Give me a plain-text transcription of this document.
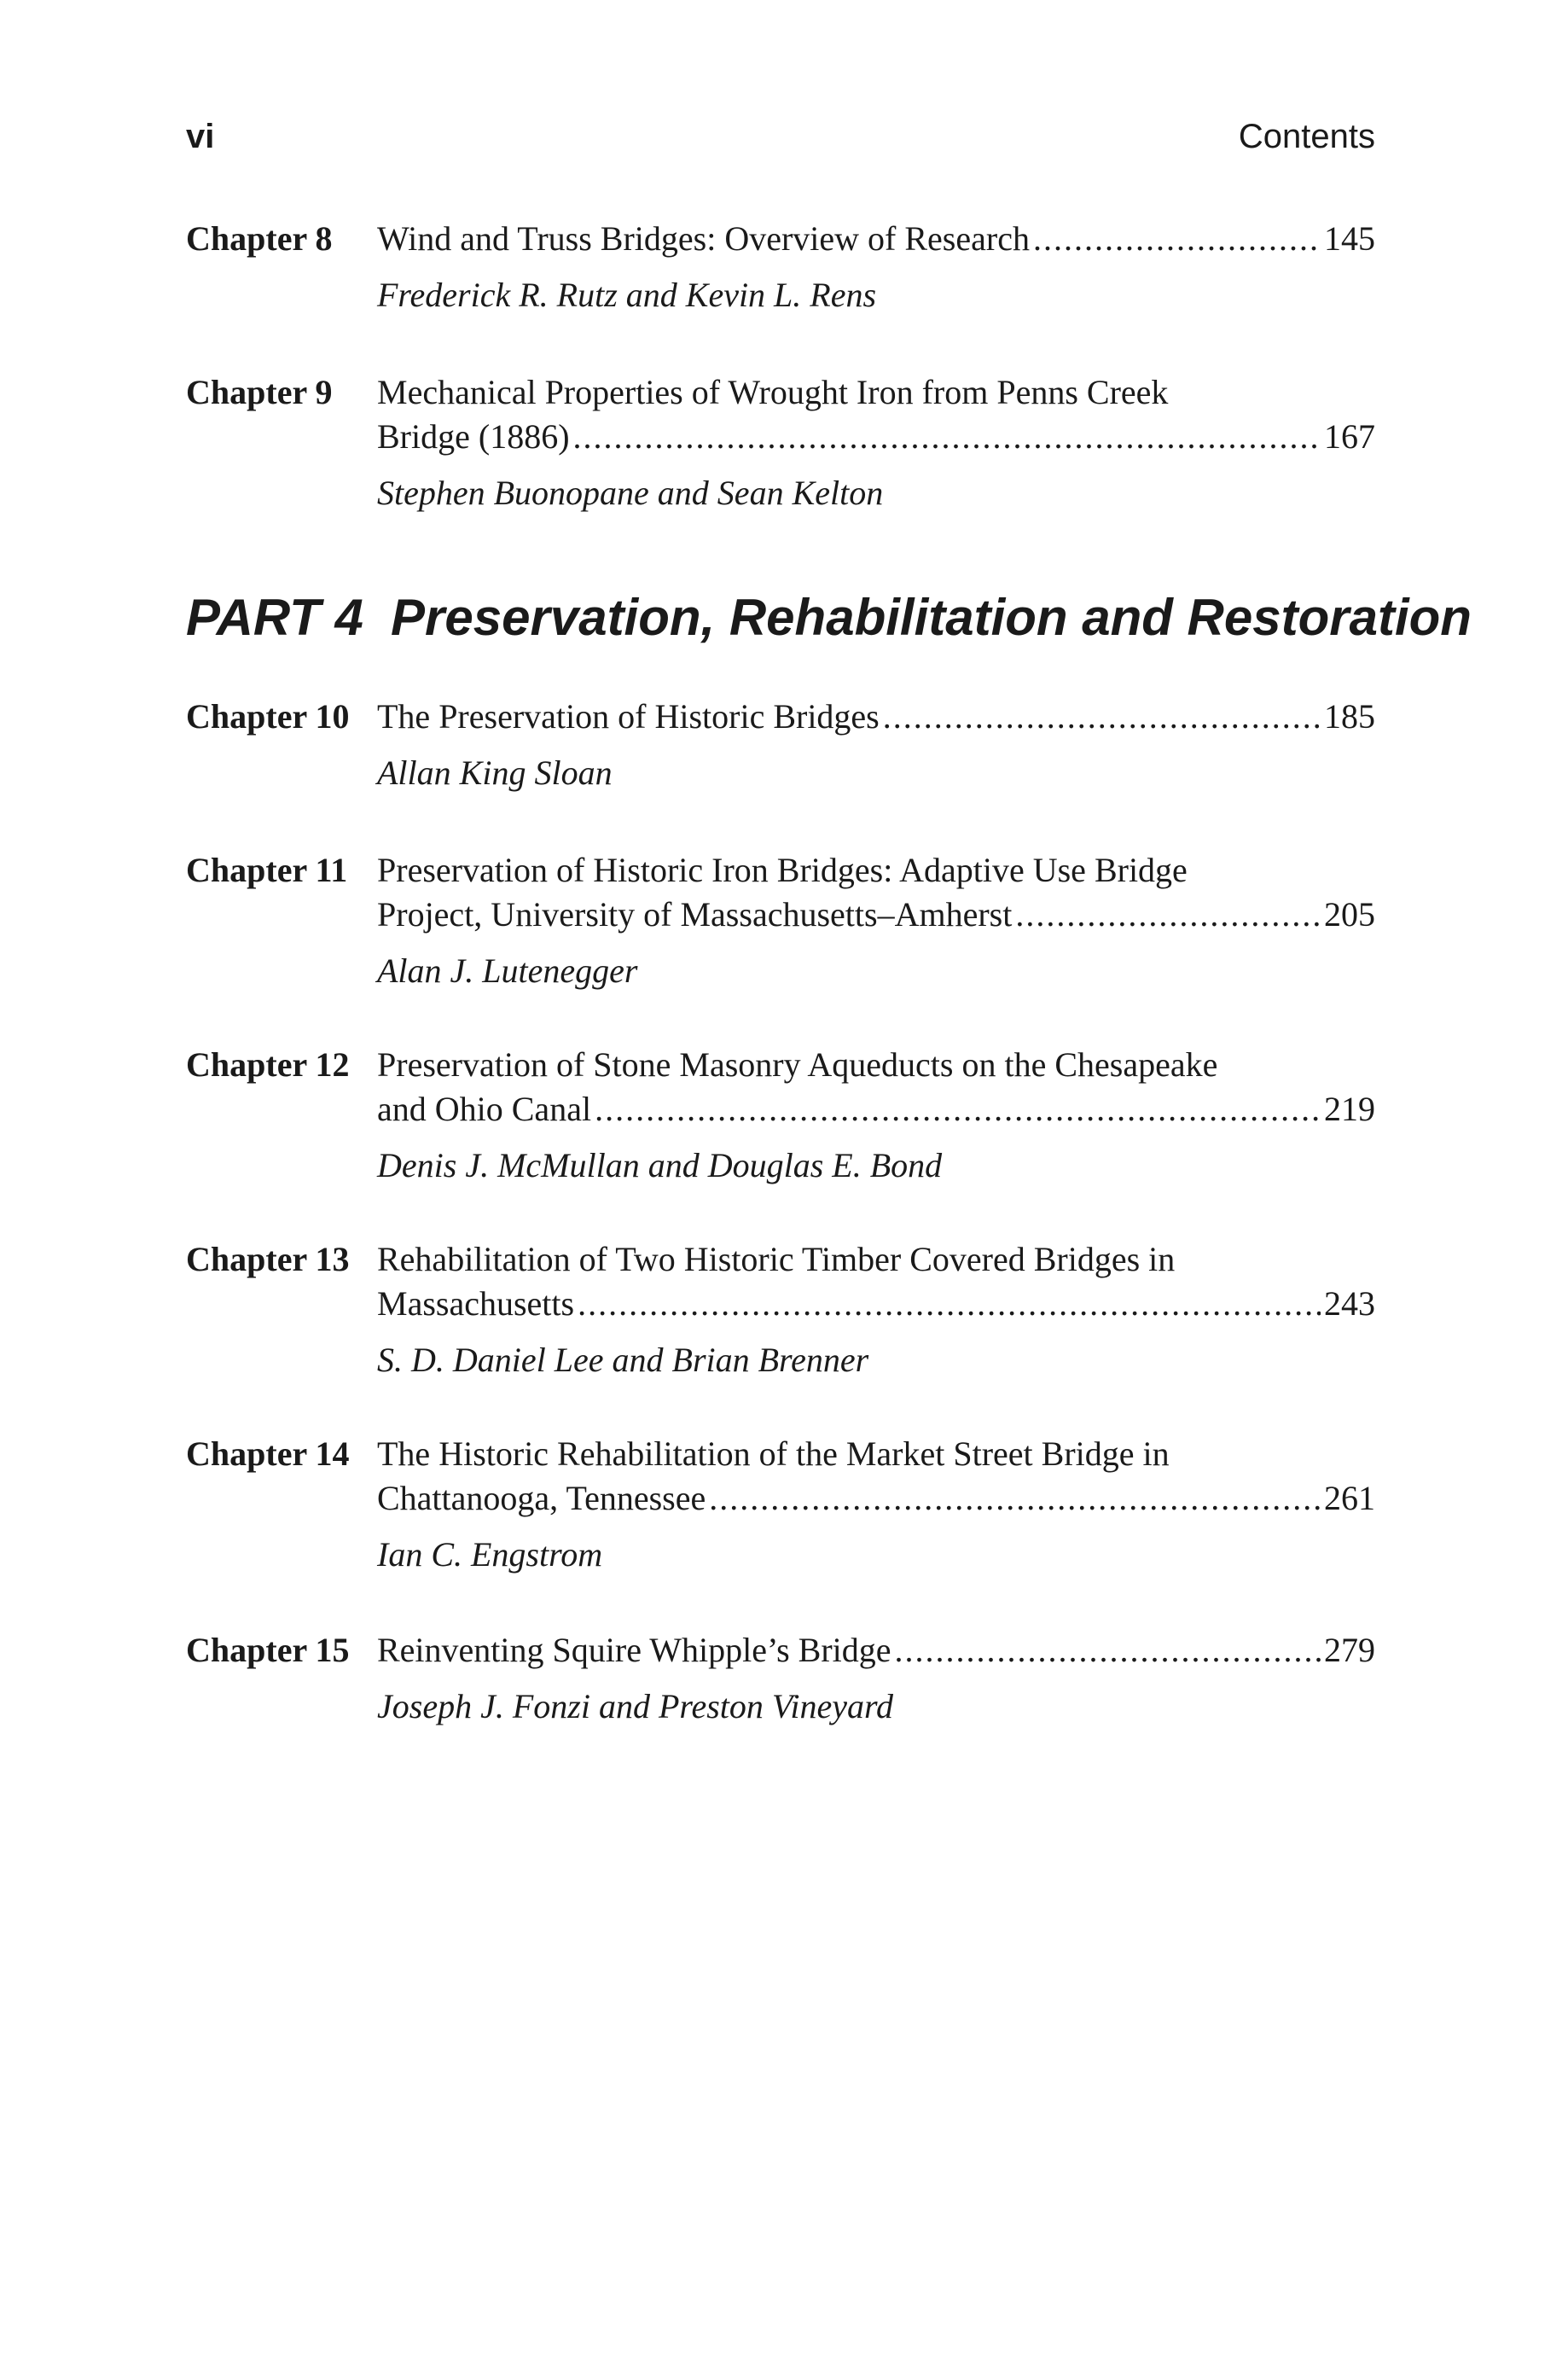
vi	Contents
Chapter 8 Wind and Truss Bridges: Overview of Research .....	145
Frederick R. Rutz and Kevin L. Rens
Chapter 9 Mechanical Properties of Wrought Iron from Penns Creek
Bridge (1886) .....	167
Stephen Buonopane and Sean Kelton
PART 4 Preservation, Rehabilitation and Restoration
Chapter 10 The Preservation of Historic Bridges .....	185
Allan King Sloan
Chapter 11 Preservation of Historic Iron Bridges: Adaptive Use Bridge
Project, University of Massachusetts–Amherst .....	205
Alan J. Lutenegger
Chapter 12 Preservation of Stone Masonry Aqueducts on the Chesapeake
and Ohio Canal .....	219
Denis J. McMullan and Douglas E. Bond
Chapter 13 Rehabilitation of Two Historic Timber Covered Bridges in
Massachusetts .....	243
S. D. Daniel Lee and Brian Brenner
Chapter 14 The Historic Rehabilitation of the Market Street Bridge in
Chattanooga, Tennessee .....	261
Ian C. Engstrom
Chapter 15 Reinventing Squire Whipple’s Bridge .....	279
Joseph J. Fonzi and Preston Vineyard
